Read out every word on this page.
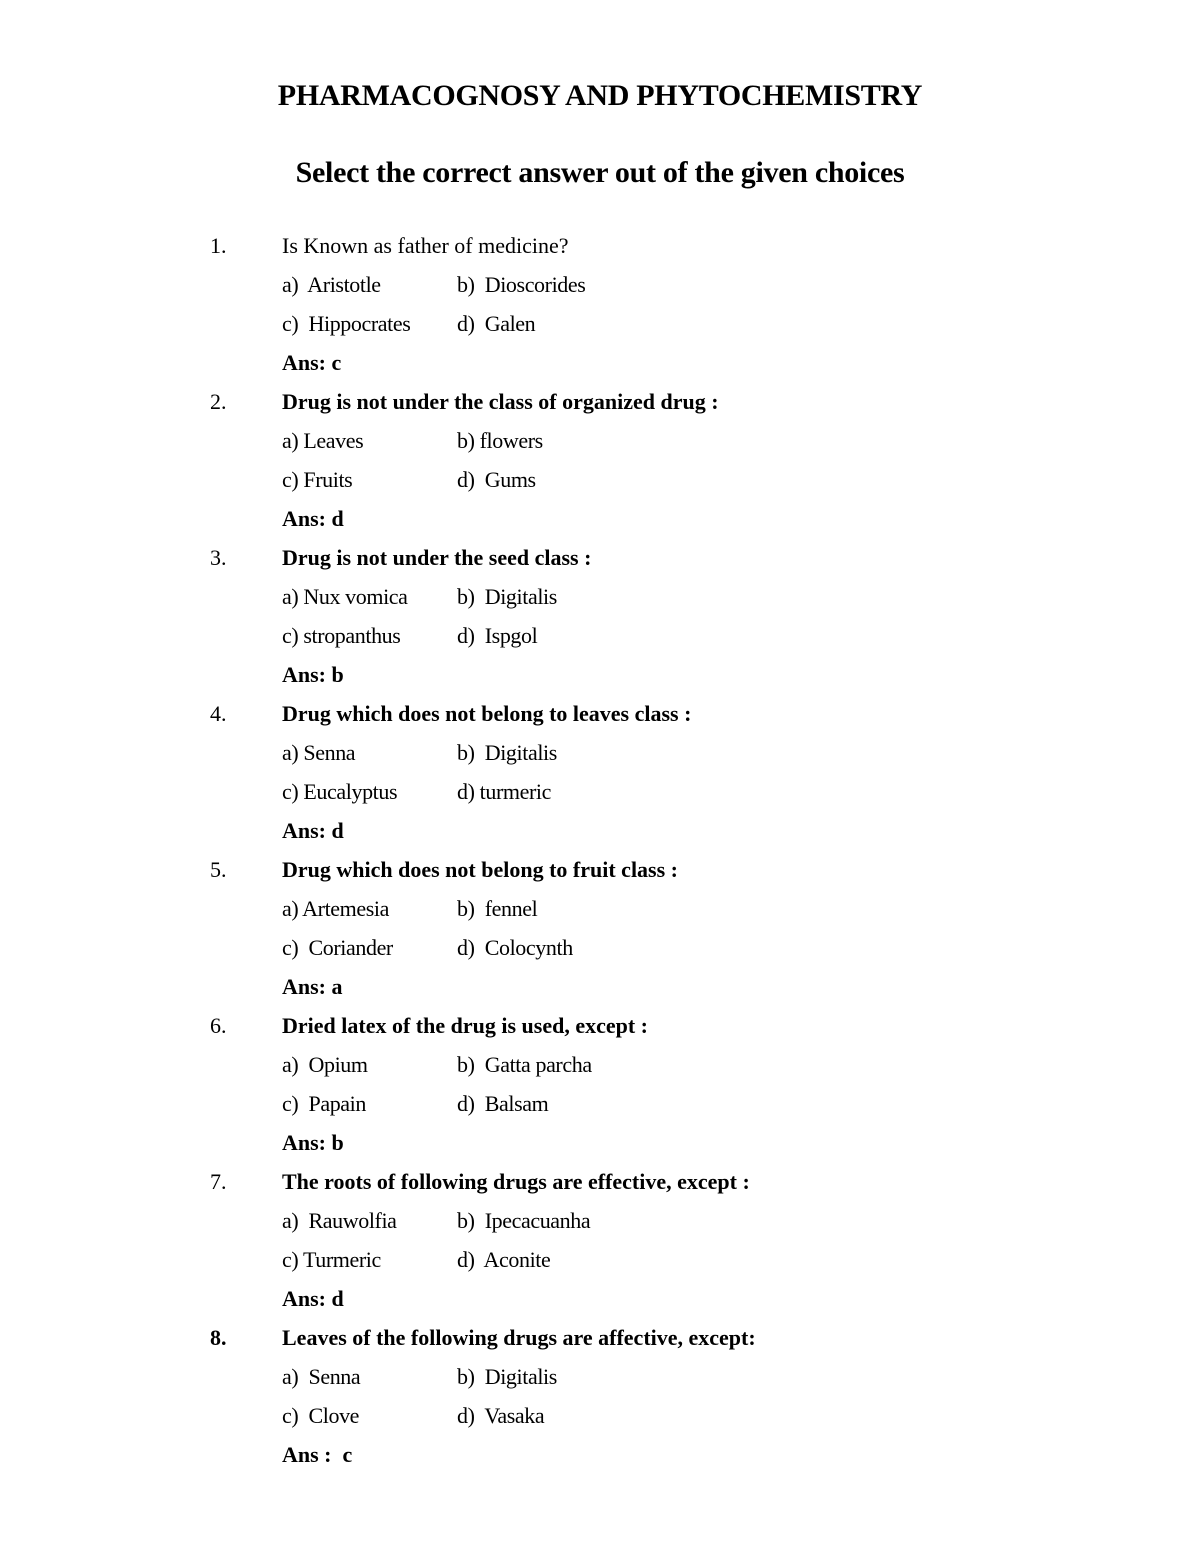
PHARMACOGNOSY AND PHYTOCHEMISTRY
Select the correct answer out of the given choices
1.	Is Known as father of medicine?
a)  Aristotle	b)  Dioscorides
c)  Hippocrates d)  Galen
Ans: c
2.	Drug is not under the class of organized drug :
a) Leaves	b) flowers
c) Fruits	d)  Gums
Ans: d
3.	Drug is not under the seed class :
a) Nux vomica b)  Digitalis
c) stropanthus	d)  Ispgol
Ans: b
4.	Drug which does not belong to leaves class :
a) Senna	b)  Digitalis
c) Eucalyptus	d) turmeric
Ans: d
5.	Drug which does not belong to fruit class :
a) Artemesia	b)  fennel
c)  Coriander	d)  Colocynth
Ans: a
6.	Dried latex of the drug is used, except :
a)  Opium	b)  Gatta parcha
c)  Papain	d)  Balsam
Ans: b
7.	The roots of following drugs are effective, except :
a)  Rauwolfia	b)  Ipecacuanha
c) Turmeric	d)  Aconite
Ans: d
8.	Leaves of the following drugs are affective, except:
a)  Senna	b)  Digitalis
c)  Clove	d)  Vasaka
Ans :  c
